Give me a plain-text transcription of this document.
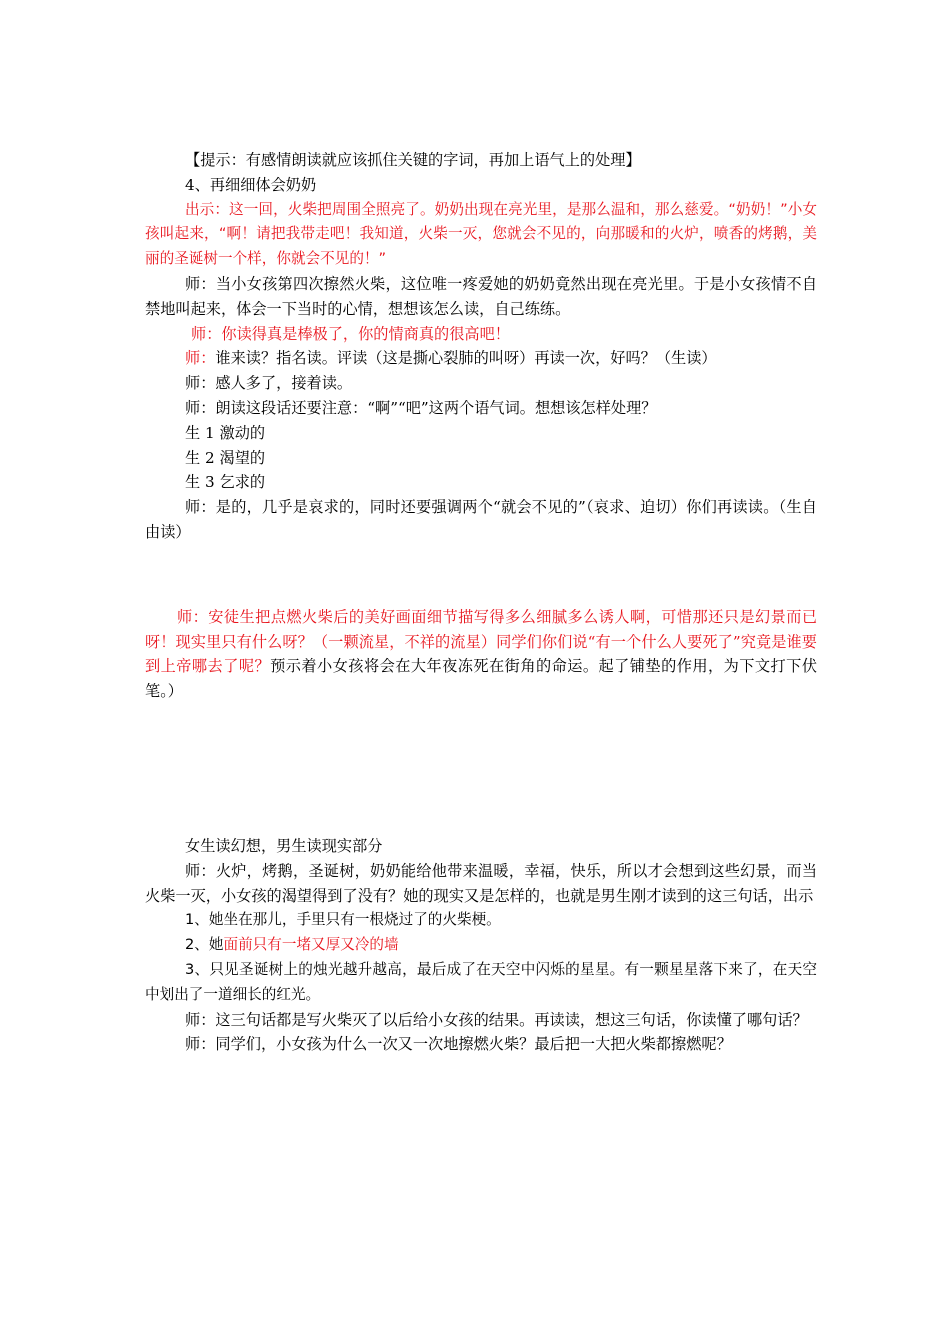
【提示：有感情朗读就应该抓住关键的字词，再加上语气上的处理】

4、再细细体会奶奶

出示：这一回，火柴把周围全照亮了。奶奶出现在亮光里，是那么温和，那么慈爱。“奶奶！”小女孩叫起来，“啊！请把我带走吧！我知道，火柴一灭，您就会不见的，向那暖和的火炉，喷香的烤鹅，美丽的圣诞树一个样，你就会不见的！”

师：当小女孩第四次擦然火柴，这位唯一疼爱她的奶奶竟然出现在亮光里。于是小女孩情不自禁地叫起来，体会一下当时的心情，想想该怎么读，自己练练。

师：你读得真是棒极了，你的情商真的很高吧！

师：谁来读？指名读。评读（这是撕心裂肺的叫呀）再读一次，好吗？（生读）

师：感人多了，接着读。

师：朗读这段话还要注意：“啊”“吧”这两个语气词。想想该怎样处理？

生 1 激动的

生 2 渴望的

生 3 乞求的

师：是的，几乎是哀求的，同时还要强调两个“就会不见的”（哀求、迫切）你们再读读。（生自由读）

师：安徒生把点燃火柴后的美好画面细节描写得多么细腻多么诱人啊，可惜那还只是幻景而已呀！现实里只有什么呀？（一颗流星，不祥的流星）同学们你们说“有一个什么人要死了”究竟是谁要到上帝哪去了呢？预示着小女孩将会在大年夜冻死在街角的命运。起了铺垫的作用，为下文打下伏笔。）

女生读幻想，男生读现实部分

师：火炉，烤鹅，圣诞树，奶奶能给他带来温暖，幸福，快乐，所以才会想到这些幻景，而当火柴一灭，小女孩的渴望得到了没有？她的现实又是怎样的，也就是男生刚才读到的这三句话，出示

1、她坐在那儿，手里只有一根烧过了的火柴梗。

2、她面前只有一堵又厚又冷的墙

3、只见圣诞树上的烛光越升越高，最后成了在天空中闪烁的星星。有一颗星星落下来了，在天空中划出了一道细长的红光。

师：这三句话都是写火柴灭了以后给小女孩的结果。再读读，想这三句话，你读懂了哪句话？

师：同学们，小女孩为什么一次又一次地擦燃火柴？最后把一大把火柴都擦燃呢？
